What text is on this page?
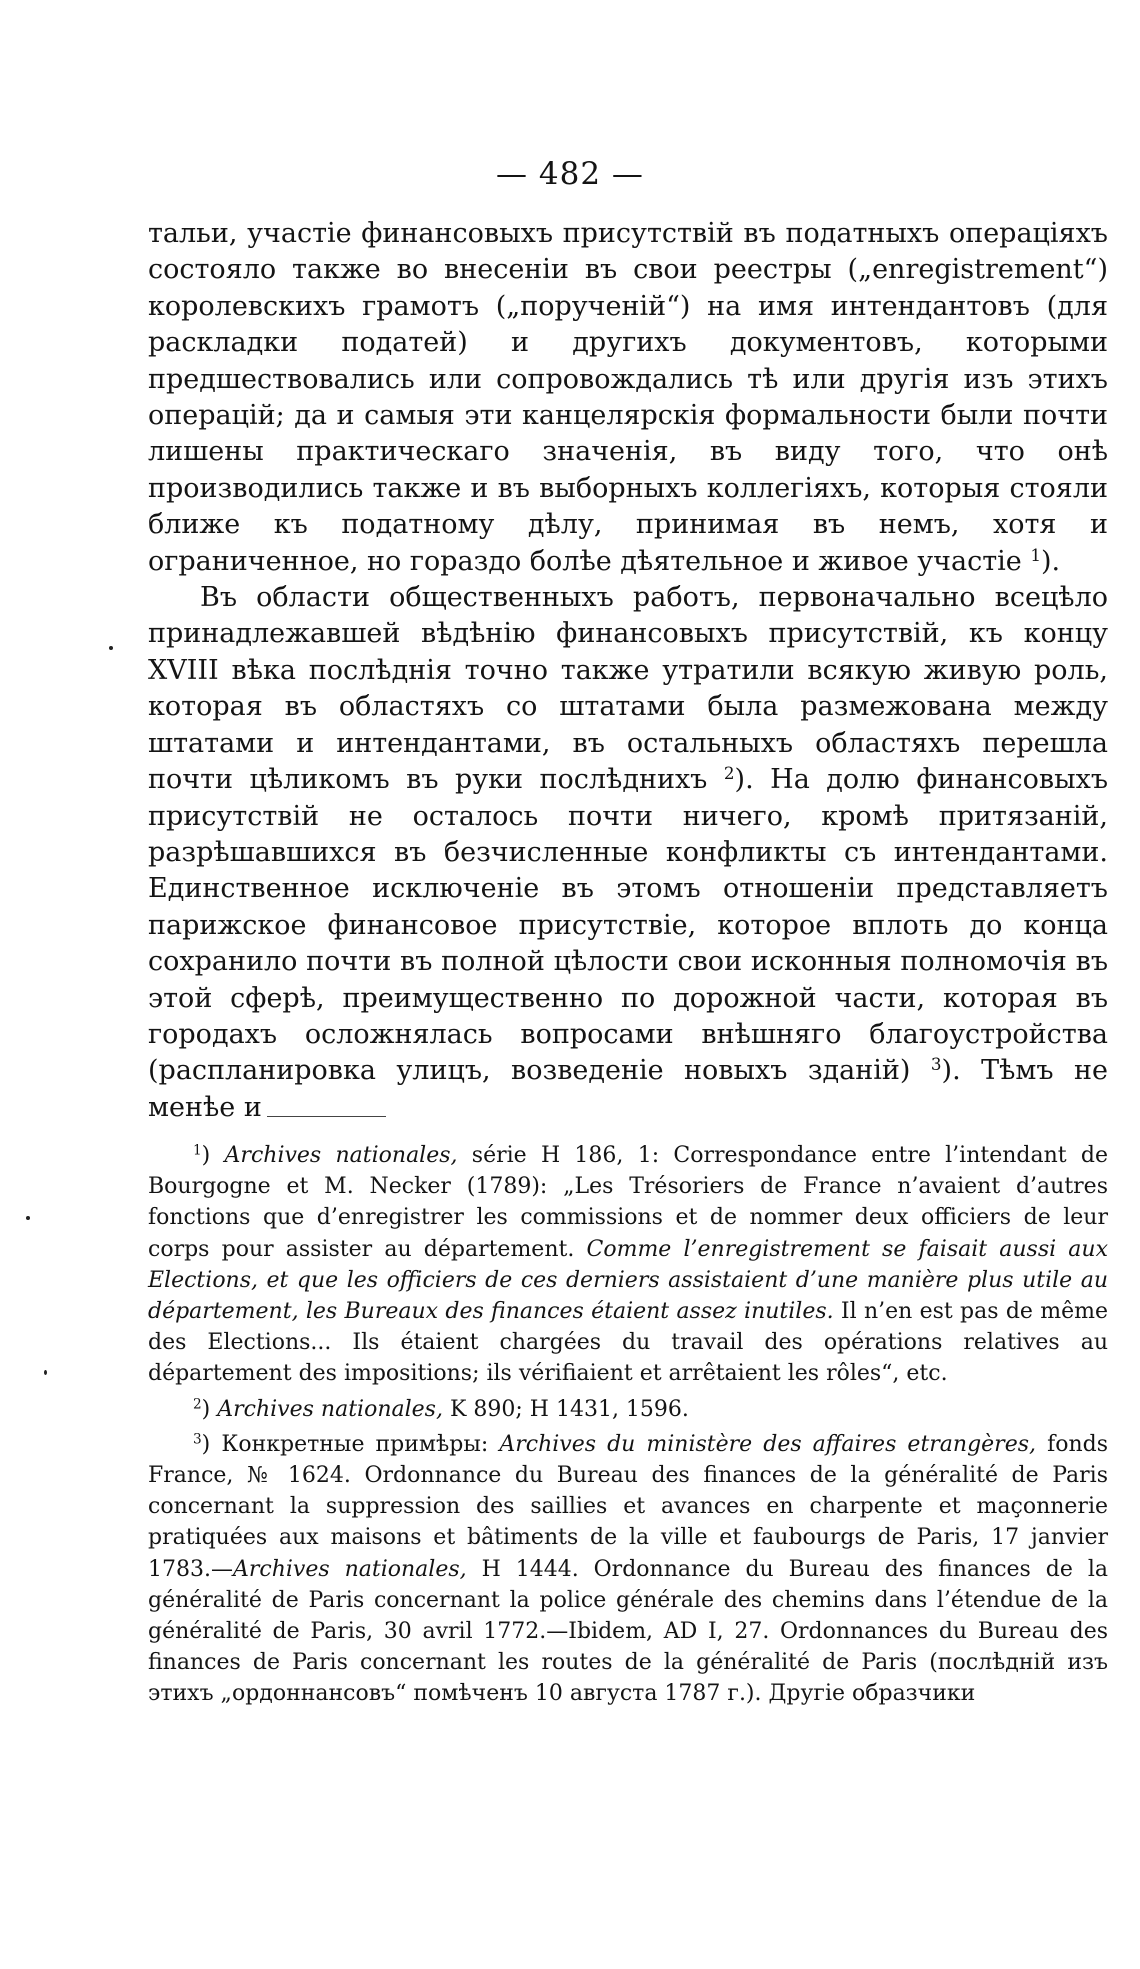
— 482 —

тальи, участіе финансовыхъ присутствій въ податныхъ операціяхъ состояло также во внесеніи въ свои реестры („enregistrement“) королевскихъ грамотъ („порученій“) на имя интендантовъ (для раскладки податей) и другихъ документовъ, которыми предшествовались или сопровождались тѣ или другія изъ этихъ операцій; да и самыя эти канцелярскія формальности были почти лишены практическаго значенія, въ виду того, что онѣ производились также и въ выборныхъ коллегіяхъ, которыя стояли ближе къ податному дѣлу, принимая въ немъ, хотя и ограниченное, но гораздо болѣе дѣятельное и живое участіе $^1$).

Въ области общественныхъ работъ, первоначально всецѣло принадлежавшей вѣдѣнію финансовыхъ присутствій, къ концу XVIII вѣка послѣднія точно также утратили всякую живую роль, которая въ областяхъ со штатами была размежована между штатами и интендантами, въ остальныхъ областяхъ перешла почти цѣликомъ въ руки послѣднихъ $^2$). На долю финансовыхъ присутствій не осталось почти ничего, кромѣ притязаній, разрѣшавшихся въ безчисленные конфликты съ интендантами. Единственное исключеніе въ этомъ отношеніи представляетъ парижское финансовое присутствіе, которое вплоть до конца сохранило почти въ полной цѣлости свои исконныя полномочія въ этой сферѣ, преимущественно по дорожной части, которая въ городахъ осложнялась вопросами внѣшняго благоустройства (распланировка улицъ, возведеніе новыхъ зданій) $^3$). Тѣмъ не менѣе и

$^1$) Archives nationales, série H 186, 1: Correspondance entre l’intendant de Bourgogne et M. Necker (1789): „Les Trésoriers de France n’avaient d’autres fonctions que d’enregistrer les commissions et de nommer deux officiers de leur corps pour assister au département. Comme l’enregistrement se faisait aussi aux Elections, et que les officiers de ces derniers assistaient d’une manière plus utile au département, les Bureaux des finances étaient assez inutiles. Il n’en est pas de même des Elections... Ils étaient chargées du travail des opérations relatives au département des impositions; ils vérifiaient et arrêtaient les rôles“, etc.

$^2$) Archives nationales, K 890; H 1431, 1596.

$^3$) Конкретные примѣры: Archives du ministère des affaires etrangères, fonds France, № 1624. Ordonnance du Bureau des finances de la généralité de Paris concernant la suppression des saillies et avances en charpente et maçonnerie pratiquées aux maisons et bâtiments de la ville et faubourgs de Paris, 17 janvier 1783.—Archives nationales, H 1444. Ordonnance du Bureau des finances de la généralité de Paris concernant la police générale des chemins dans l’étendue de la généralité de Paris, 30 avril 1772.—Ibidem, AD I, 27. Ordonnances du Bureau des finances de Paris concernant les routes de la généralité de Paris (послѣдній изъ этихъ „ордоннансовъ“ помѣченъ 10 августа 1787 г.). Другіе образчики
